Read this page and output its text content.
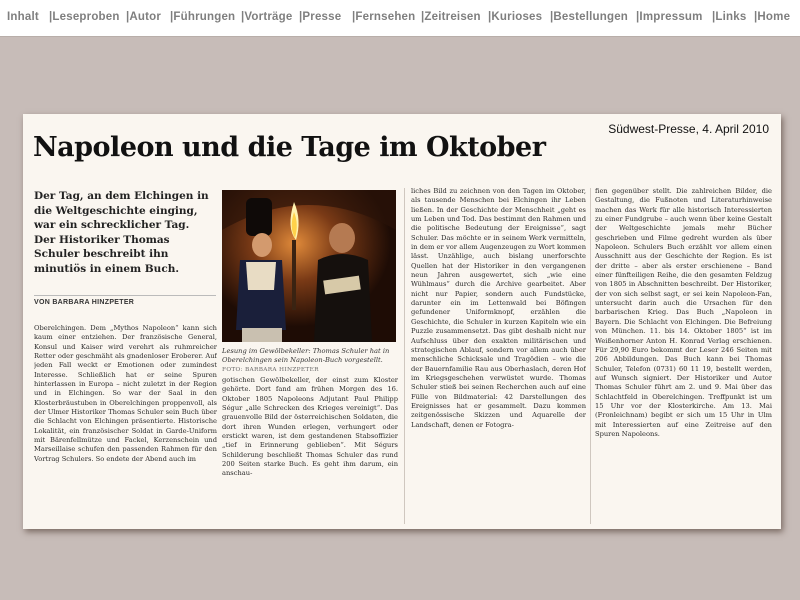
Inhalt |Leseproben |Autor |Führungen |Vorträge |Presse |Fernsehen |Zeitreisen |Kurioses |Bestellungen |Impressum |Links |Home
Südwest-Presse, 4. April 2010
Napoleon und die Tage im Oktober
Der Tag, an dem Elchingen in die Weltgeschichte einging, war ein schrecklicher Tag. Der Historiker Thomas Schuler beschreibt ihn minutiös in einem Buch.
VON BARBARA HINZPETER

Oberelchingen. Dem „Mythos Napoleon“ kann sich kaum einer entziehen. Der französische General, Konsul und Kaiser wird verehrt als ruhmreicher Retter oder geschmäht als gnadenloser Eroberer. Auf jeden Fall weckt er Emotionen oder zumindest Interesse. Schließlich hat er seine Spuren hinterlassen in Europa – nicht zuletzt in der Region und in Elchingen. So war der Saal in den Klosterbräustuben in Oberelchingen proppenvoll, als der Ulmer Historiker Thomas Schuler sein Buch über die Schlacht von Elchingen präsentierte. Historische Lokalität, ein französischer Soldat in Garde-Uniform mit Bärenfellmütze und Fackel, Kerzenschein und Marseillaise schufen den passenden Rahmen für den Vortrag Schulers. So endete der Abend auch im

Lesung im Gewölbekeller: Thomas Schuler hat in Oberelchingen sein Napoleon-Buch vorgestellt. FOTO: BARBARA HINZPETER

gotischen Gewölbekeller, der einst zum Kloster gehörte. Dort fand am frühen Morgen des 16. Oktober 1805 Napoleons Adjutant Paul Philipp Ségur „alle Schrecken des Krieges vereinigt“. Das grauenvolle Bild der österreichischen Soldaten, die dort ihren Wunden erlegen, verhungert oder erstickt waren, ist dem gestandenen Stabsoffizier „tief in Erinnerung geblieben“. Mit Ségurs Schilderung beschließt Thomas Schuler das rund 200 Seiten starke Buch. Es geht ihm darum, ein anschau-

liches Bild zu zeichnen von den Tagen im Oktober, als tausende Menschen bei Elchingen ihr Leben ließen. In der Geschichte der Menschheit „geht es um Leben und Tod. Das bestimmt den Rahmen und die politische Bedeutung der Ereignisse“, sagt Schuler. Das möchte er in seinem Werk vermitteln, in dem er vor allem Augenzeugen zu Wort kommen lässt. Unzählige, auch bislang unerforschte Quellen hat der Historiker in den vergangenen neun Jahren ausgewertet, sich „wie eine Wühlmaus“ durch die Archive gearbeitet. Aber nicht nur Papier, sondern auch Fundstücke, darunter ein im Lettenwald bei Böfingen gefundener Uniformknopf, erzählen die Geschichte, die Schuler in kurzen Kapiteln wie ein Puzzle zusammensetzt. Das gibt deshalb nicht nur Aufschluss über den exakten militärischen und strategischen Ablauf, sondern vor allem auch über menschliche Schicksale und Tragödien – wie die der Bauernfamilie Rau aus Oberhaslach, deren Hof im Kriegsgeschehen verwüstet wurde. Thomas Schuler stieß bei seinen Recherchen auch auf eine Fülle von Bildmaterial: 42 Darstellungen des Ereignisses hat er gesammelt. Dazu kommen zeitgenössische Skizzen und Aquarelle der Landschaft, denen er Fotogra-

fien gegenüber stellt. Die zahlreichen Bilder, die Gestaltung, die Fußnoten und Literaturhinweise machen das Werk für alle historisch Interessierten zu einer Fundgrube – auch wenn über keine Gestalt der Weltgeschichte jemals mehr Bücher geschrieben und Filme gedreht wurden als über Napoleon. Schulers Buch erzählt vor allem einen Ausschnitt aus der Geschichte der Region. Es ist der dritte – aber als erster erschienene – Band einer fünfteiligen Reihe, die den gesamten Feldzug von 1805 in Abschnitten beschreibt. Der Historiker, der von sich selbst sagt, er sei kein Napoleon-Fan, untersucht darin auch die Ursachen für den barbarischen Krieg. Das Buch „Napoleon in Bayern. Die Schlacht von Elchingen. Die Befreiung von München. 11. bis 14. Oktober 1805“ ist im Weißenhorner Anton H. Konrad Verlag erschienen. Für 29,90 Euro bekommt der Leser 246 Seiten mit 206 Abbildungen. Das Buch kann bei Thomas Schuler, Telefon (0731) 60 11 19, bestellt werden, auf Wunsch signiert. Der Historiker und Autor Thomas Schuler führt am 2. und 9. Mai über das Schlachtfeld in Oberelchingen. Treffpunkt ist um 15 Uhr vor der Klosterkirche. Am 13. Mai (Fronleichnam) begibt er sich um 15 Uhr in Ulm mit Interessierten auf eine Zeitreise auf den Spuren Napoleons.
